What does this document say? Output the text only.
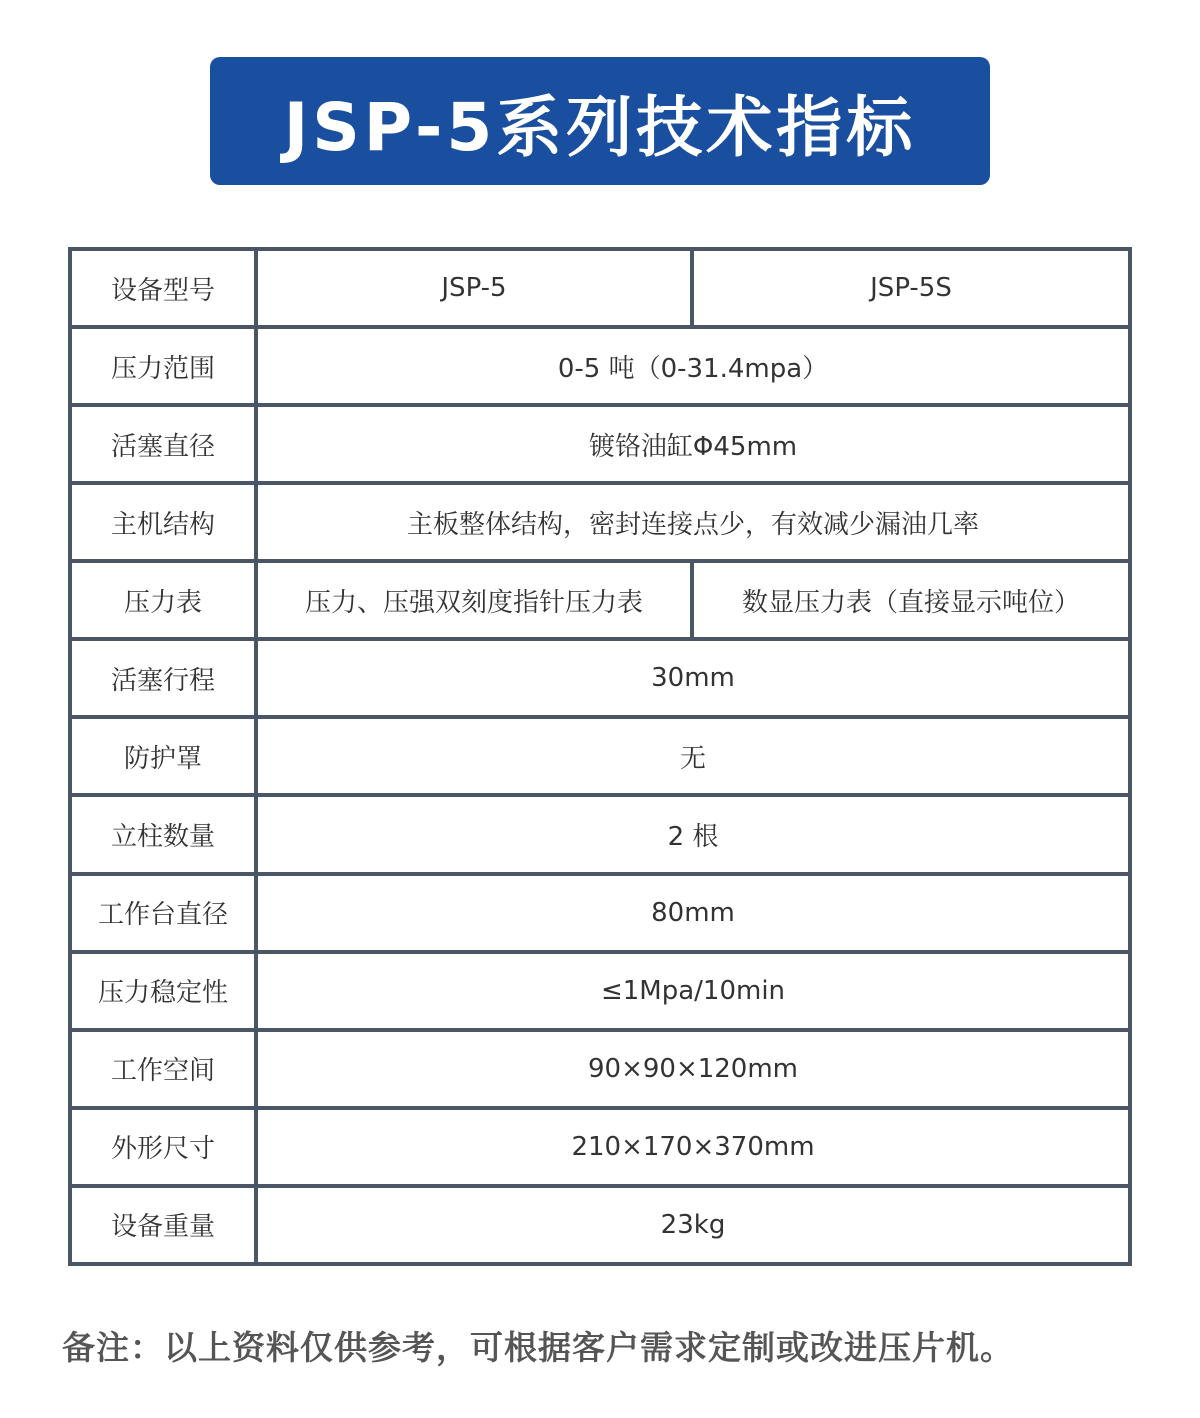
JSP-5系列技术指标
设备型号	JSP-5	JSP-5S
压力范围	0-5 吨（0-31.4mpa）	
活塞直径	镀铬油缸Φ45mm	
主机结构	主板整体结构，密封连接点少，有效减少漏油几率	
压力表	压力、压强双刻度指针压力表	数显压力表（直接显示吨位）
活塞行程	30mm	
防护罩	无	
立柱数量	2 根	
工作台直径	80mm	
压力稳定性	≤1Mpa/10min	
工作空间	90×90×120mm	
外形尺寸	210×170×370mm	
设备重量	23kg	
备注：以上资料仅供参考，可根据客户需求定制或改进压片机。
